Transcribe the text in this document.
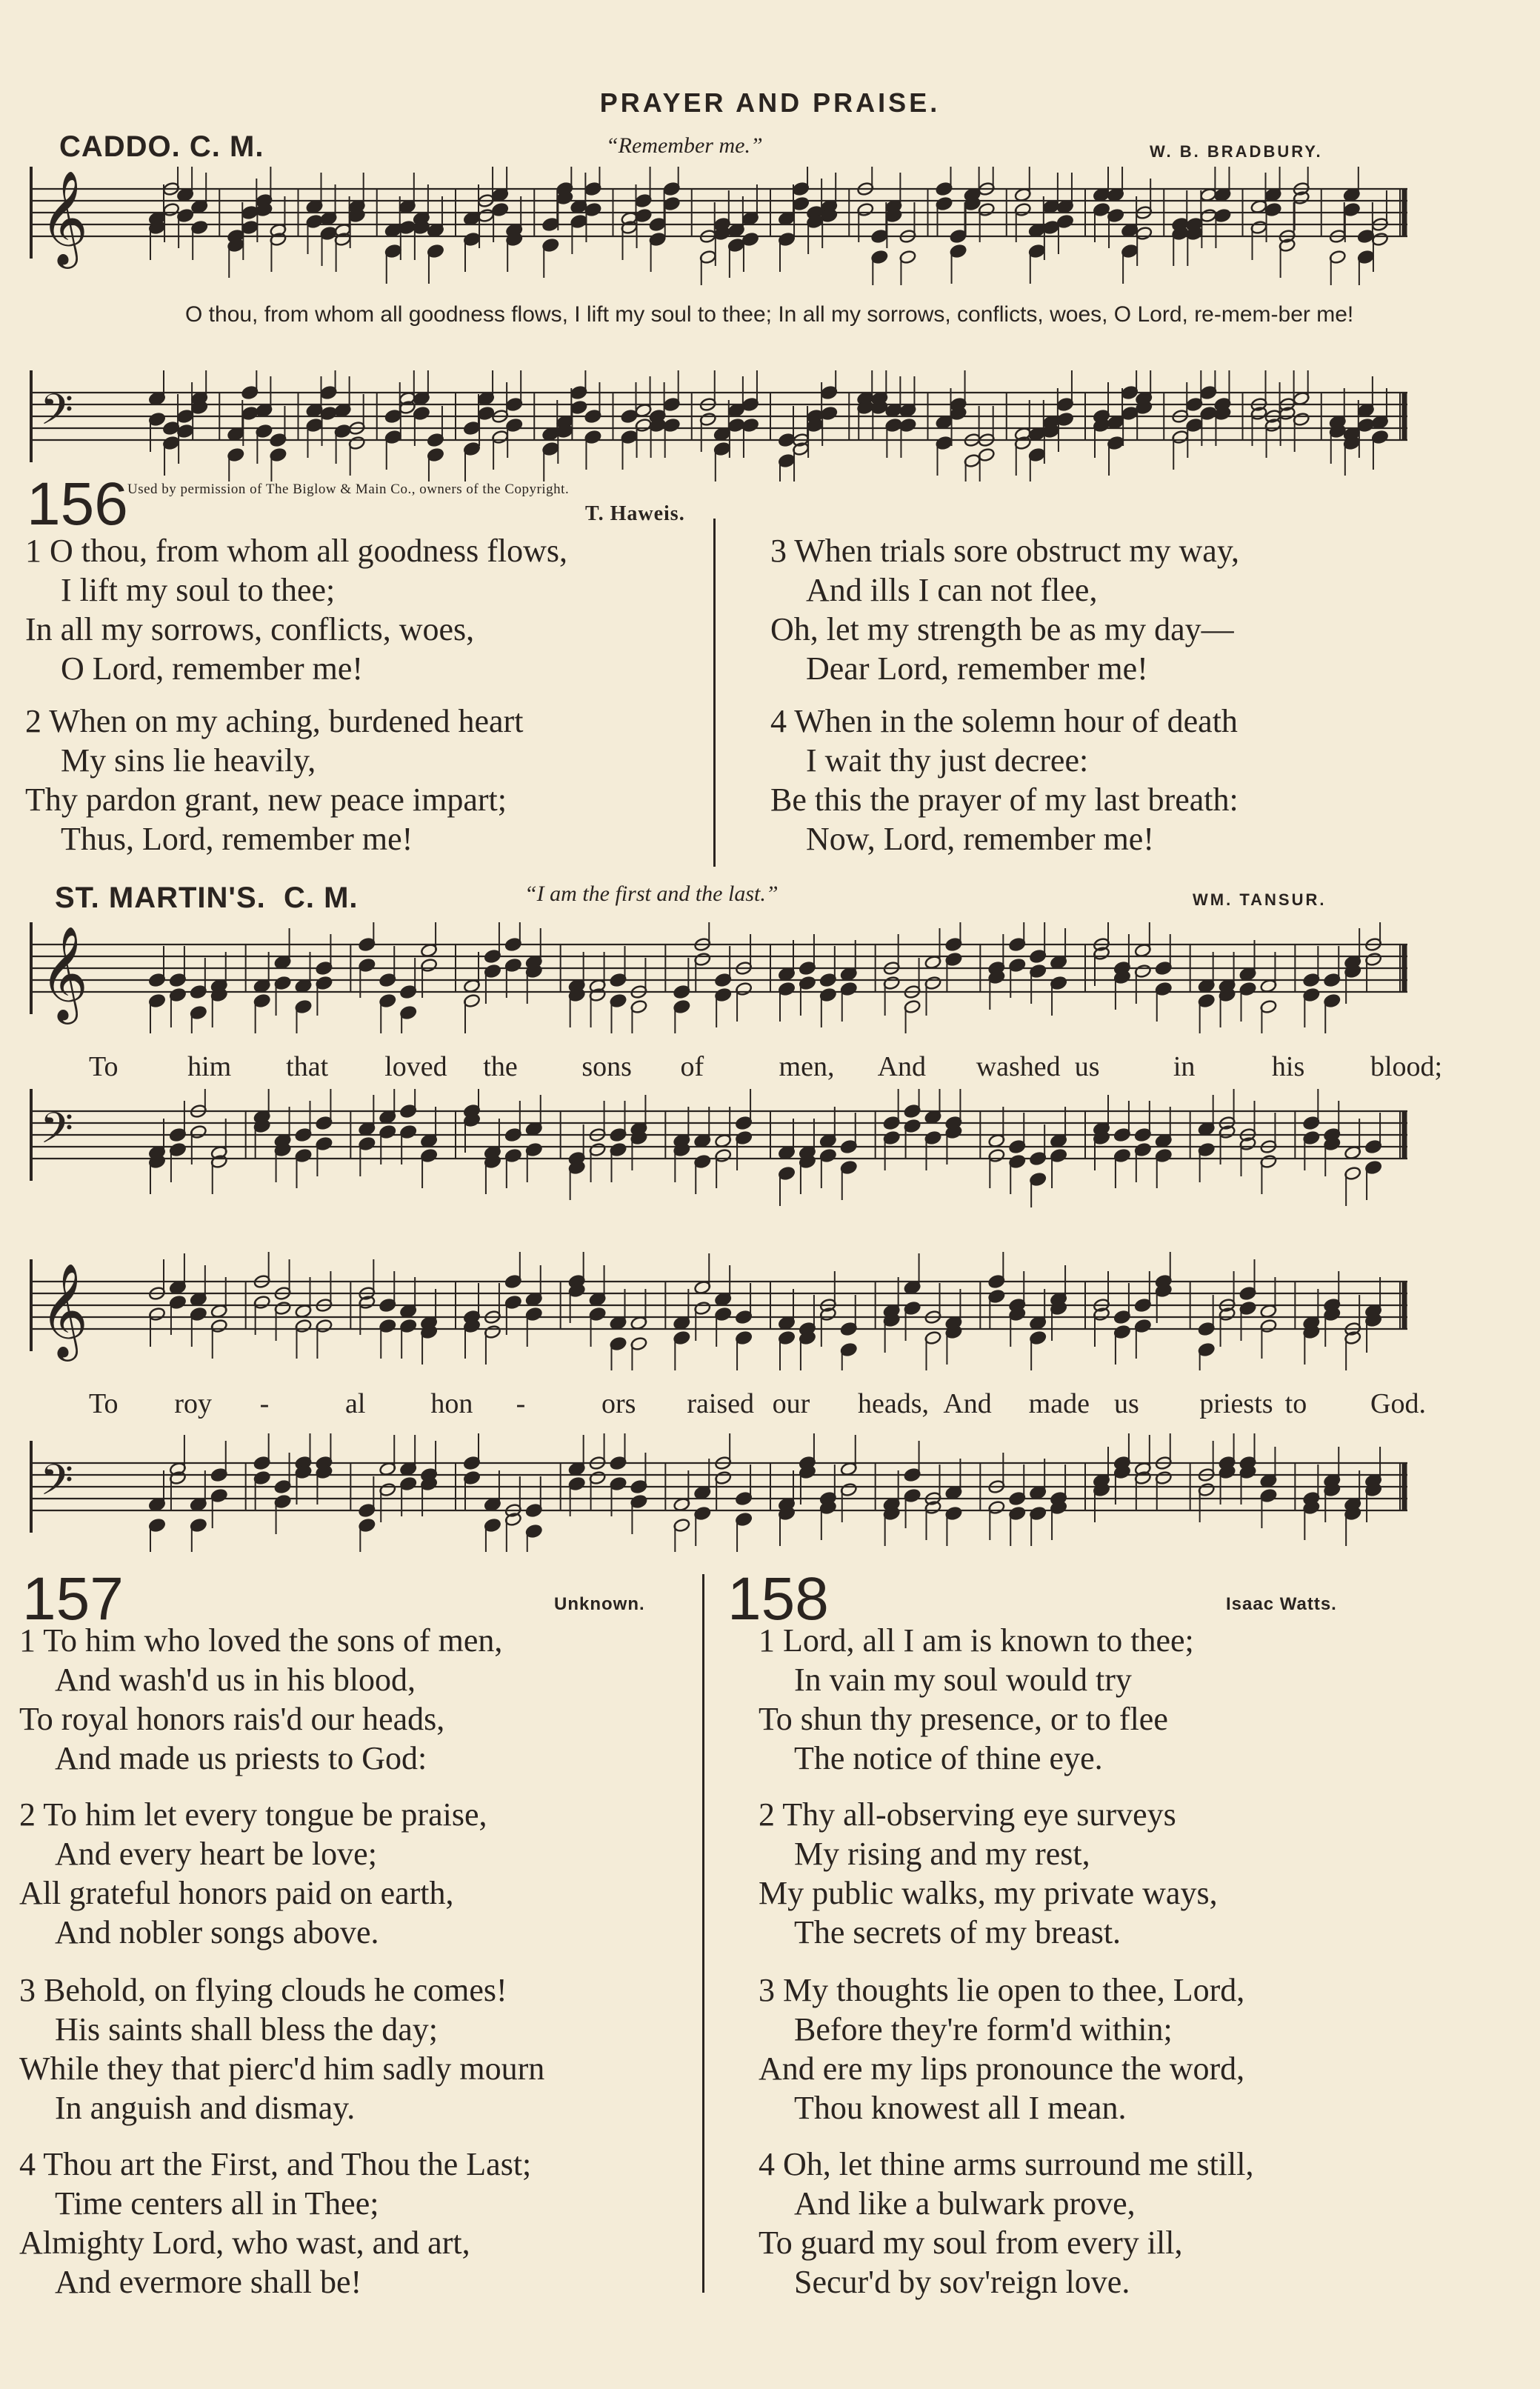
PRAYER AND PRAISE.
CADDO. C. M.	“Remember me.”	W. B. BRADBURY.
𝄞
O thou, from whom all goodness flows, I lift my soul to thee; In all my sorrows, conflicts, woes, O Lord, re-mem-ber me!
𝄢
156 Used by permission of The Biglow & Main Co., owners of the Copyright.
T. Haweis.
1 O thou, from whom all goodness flows,
I lift my soul to thee;
In all my sorrows, conflicts, woes,
O Lord, remember me!
2 When on my aching, burdened heart
My sins lie heavily,
Thy pardon grant, new peace impart;
Thus, Lord, remember me!
3 When trials sore obstruct my way,
And ills I can not flee,
Oh, let my strength be as my day—
Dear Lord, remember me!
4 When in the solemn hour of death
I wait thy just decree:
Be this the prayer of my last breath:
Now, Lord, remember me!
ST. MARTIN'S. C. M.	“I am the first and the last.”	WM. TANSUR.
𝄞
To him that loved the sons of	men, And washed us	in	his blood;
𝄢
𝄞
To roy -	al hon -	ors raised our heads, And made us priests to God.
𝄢
157	Unknown.
1 To him who loved the sons of men,
And wash'd us in his blood,
To royal honors rais'd our heads,
And made us priests to God:
2 To him let every tongue be praise,
And every heart be love;
All grateful honors paid on earth,
And nobler songs above.
3 Behold, on flying clouds he comes!
His saints shall bless the day;
While they that pierc'd him sadly mourn
In anguish and dismay.
4 Thou art the First, and Thou the Last;
Time centers all in Thee;
Almighty Lord, who wast, and art,
And evermore shall be!
158	Isaac Watts.
1 Lord, all I am is known to thee;
In vain my soul would try
To shun thy presence, or to flee
The notice of thine eye.
2 Thy all-observing eye surveys
My rising and my rest,
My public walks, my private ways,
The secrets of my breast.
3 My thoughts lie open to thee, Lord,
Before they're form'd within;
And ere my lips pronounce the word,
Thou knowest all I mean.
4 Oh, let thine arms surround me still,
And like a bulwark prove,
To guard my soul from every ill,
Secur'd by sov'reign love.
